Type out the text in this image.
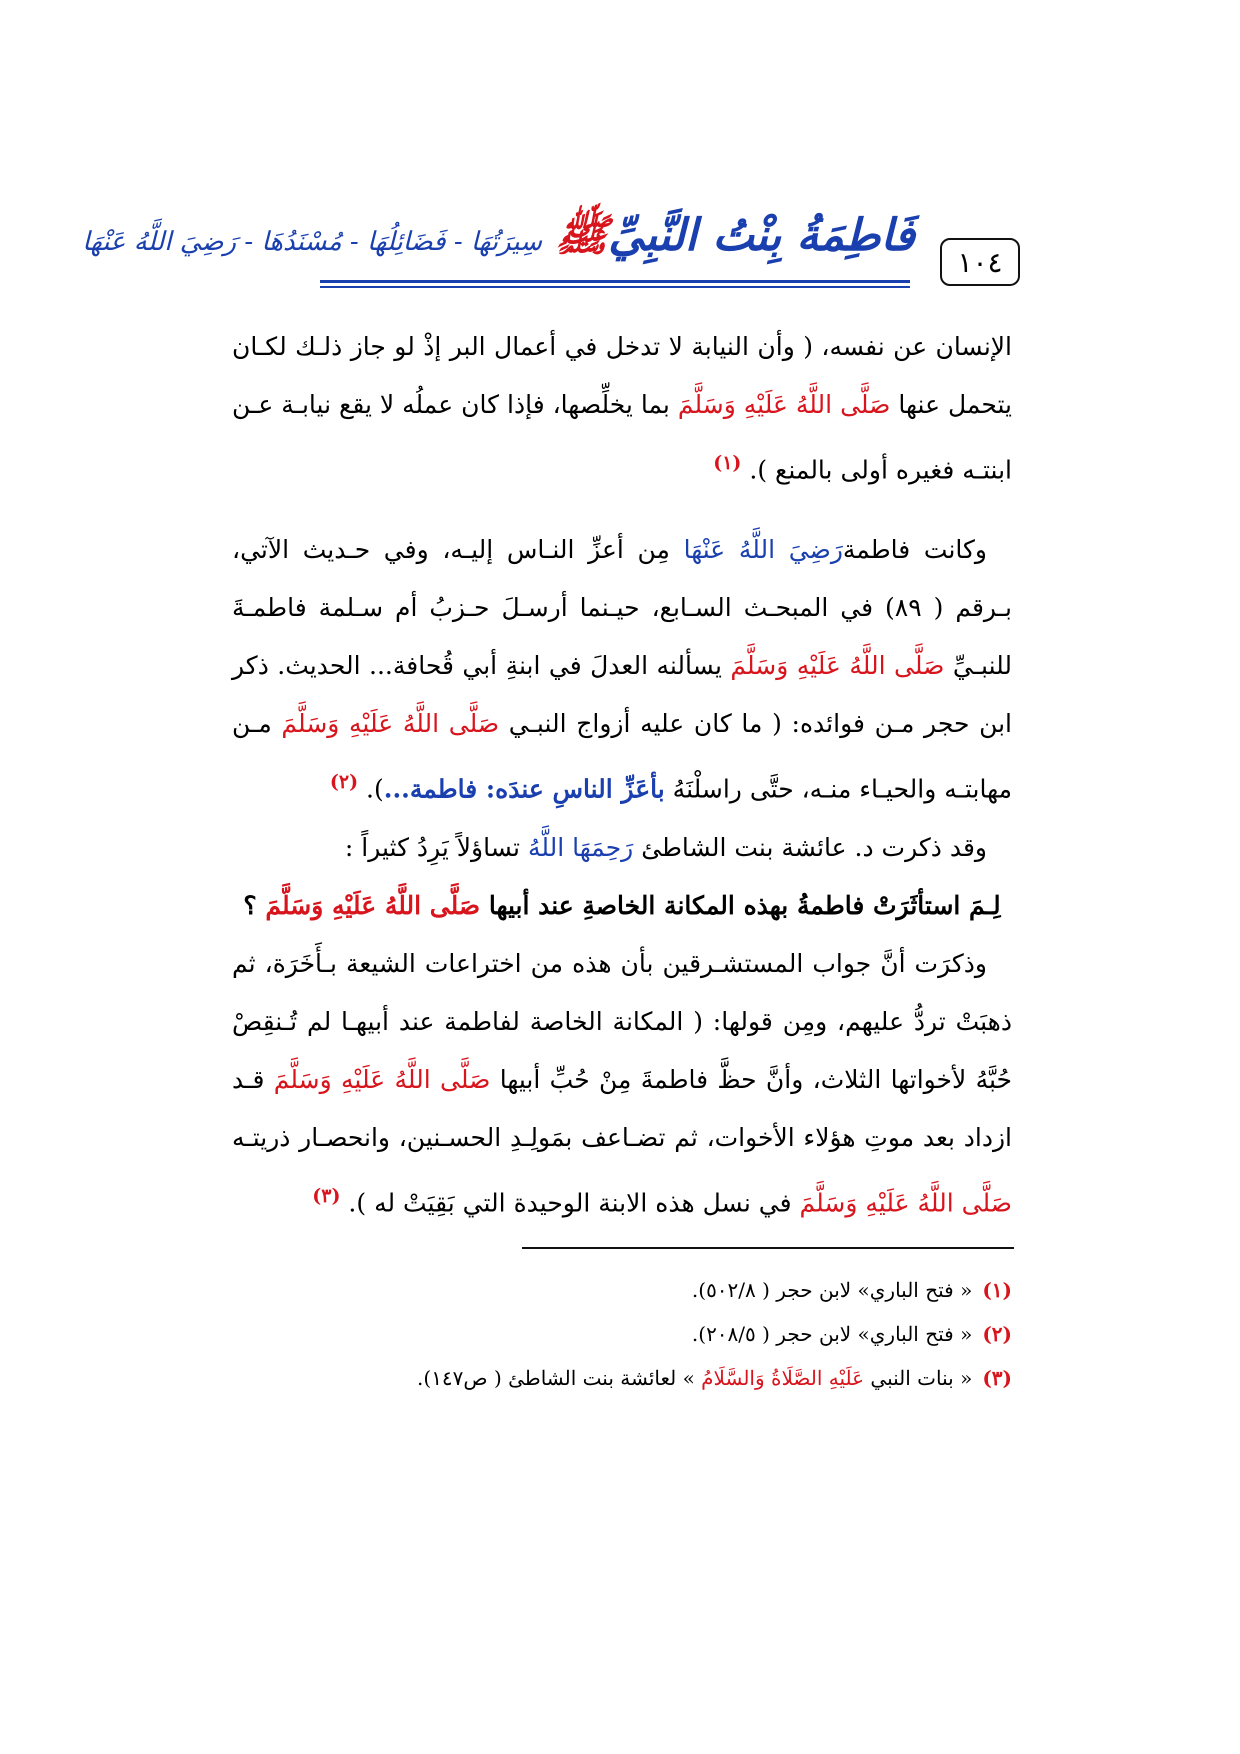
١٠٤
فَاطِمَةُ بِنْتُ النَّبِيِّﷺ سِيرَتُهَا - فَضَائِلُهَا - مُسْنَدُهَا - رَضِيَ اللَّهُ عَنْهَا

الإنسان عن نفسه، ( وأن النيابة لا تدخل في أعمال البر إذْ لو جاز ذلـك لكـان يتحمل عنها صَلَّى اللَّهُ عَلَيْهِ وَسَلَّمَ بما يخلِّصها، فإذا كان عملُه لا يقع نيابـة عـن ابنتـه فغيره أولى بالمنع ). $^{(١)}$

 وكانت فاطمةرَضِيَ اللَّهُ عَنْهَا مِن أعزِّ النـاس إليـه، وفي حـديث الآتي، بـرقم ( ٨٩) في المبحـث السـابع، حيـنما أرسـلَ حـزبُ أم سـلمة فاطمـةَ للنبـيِّ صَلَّى اللَّهُ عَلَيْهِ وَسَلَّمَ يسألنه العدلَ في ابنةِ أبي قُحافة... الحديث. ذكر ابن حجر مـن فوائده: ( ما كان عليه أزواج النبـي صَلَّى اللَّهُ عَلَيْهِ وَسَلَّمَ مـن مهابتـه والحيـاء منـه، حتَّى راسلْنَهُ بأعَزِّ الناسِ عندَه: فاطمة...). $^{(٢)}$

 وقد ذكرت د. عائشة بنت الشاطئ رَحِمَهَا اللَّهُ تساؤلاً يَرِدُ كثيراً :

لِـمَ استأثَرَتْ فاطمةُ بهذه المكانة الخاصةِ عند أبيها صَلَّى اللَّهُ عَلَيْهِ وَسَلَّمَ ؟

 وذكرَت أنَّ جواب المستشـرقين بأن هذه من اختراعات الشيعة بـأَخَرَة، ثم ذهبَتْ تردُّ عليهم، ومِن قولها: ( المكانة الخاصة لفاطمة عند أبيهـا لم تُـنقِصْ حُبَّهُ لأخواتها الثلاث، وأنَّ حظَّ فاطمةَ مِنْ حُبِّ أبيها صَلَّى اللَّهُ عَلَيْهِ وَسَلَّمَ قـد ازداد بعد موتِ هؤلاء الأخوات، ثم تضـاعف بمَولِـدِ الحسـنين، وانحصـار ذريتـه صَلَّى اللَّهُ عَلَيْهِ وَسَلَّمَ في نسل هذه الابنة الوحيدة التي بَقِيَتْ له ). $^{(٣)}$

(١)« فتح الباري» لابن حجر ( ٥٠٢/٨).

(٢)« فتح الباري» لابن حجر ( ٢٠٨/٥).

(٣)« بنات النبي عَلَيْهِ الصَّلَاةُ وَالسَّلَامُ » لعائشة بنت الشاطئ ( ص١٤٧).
